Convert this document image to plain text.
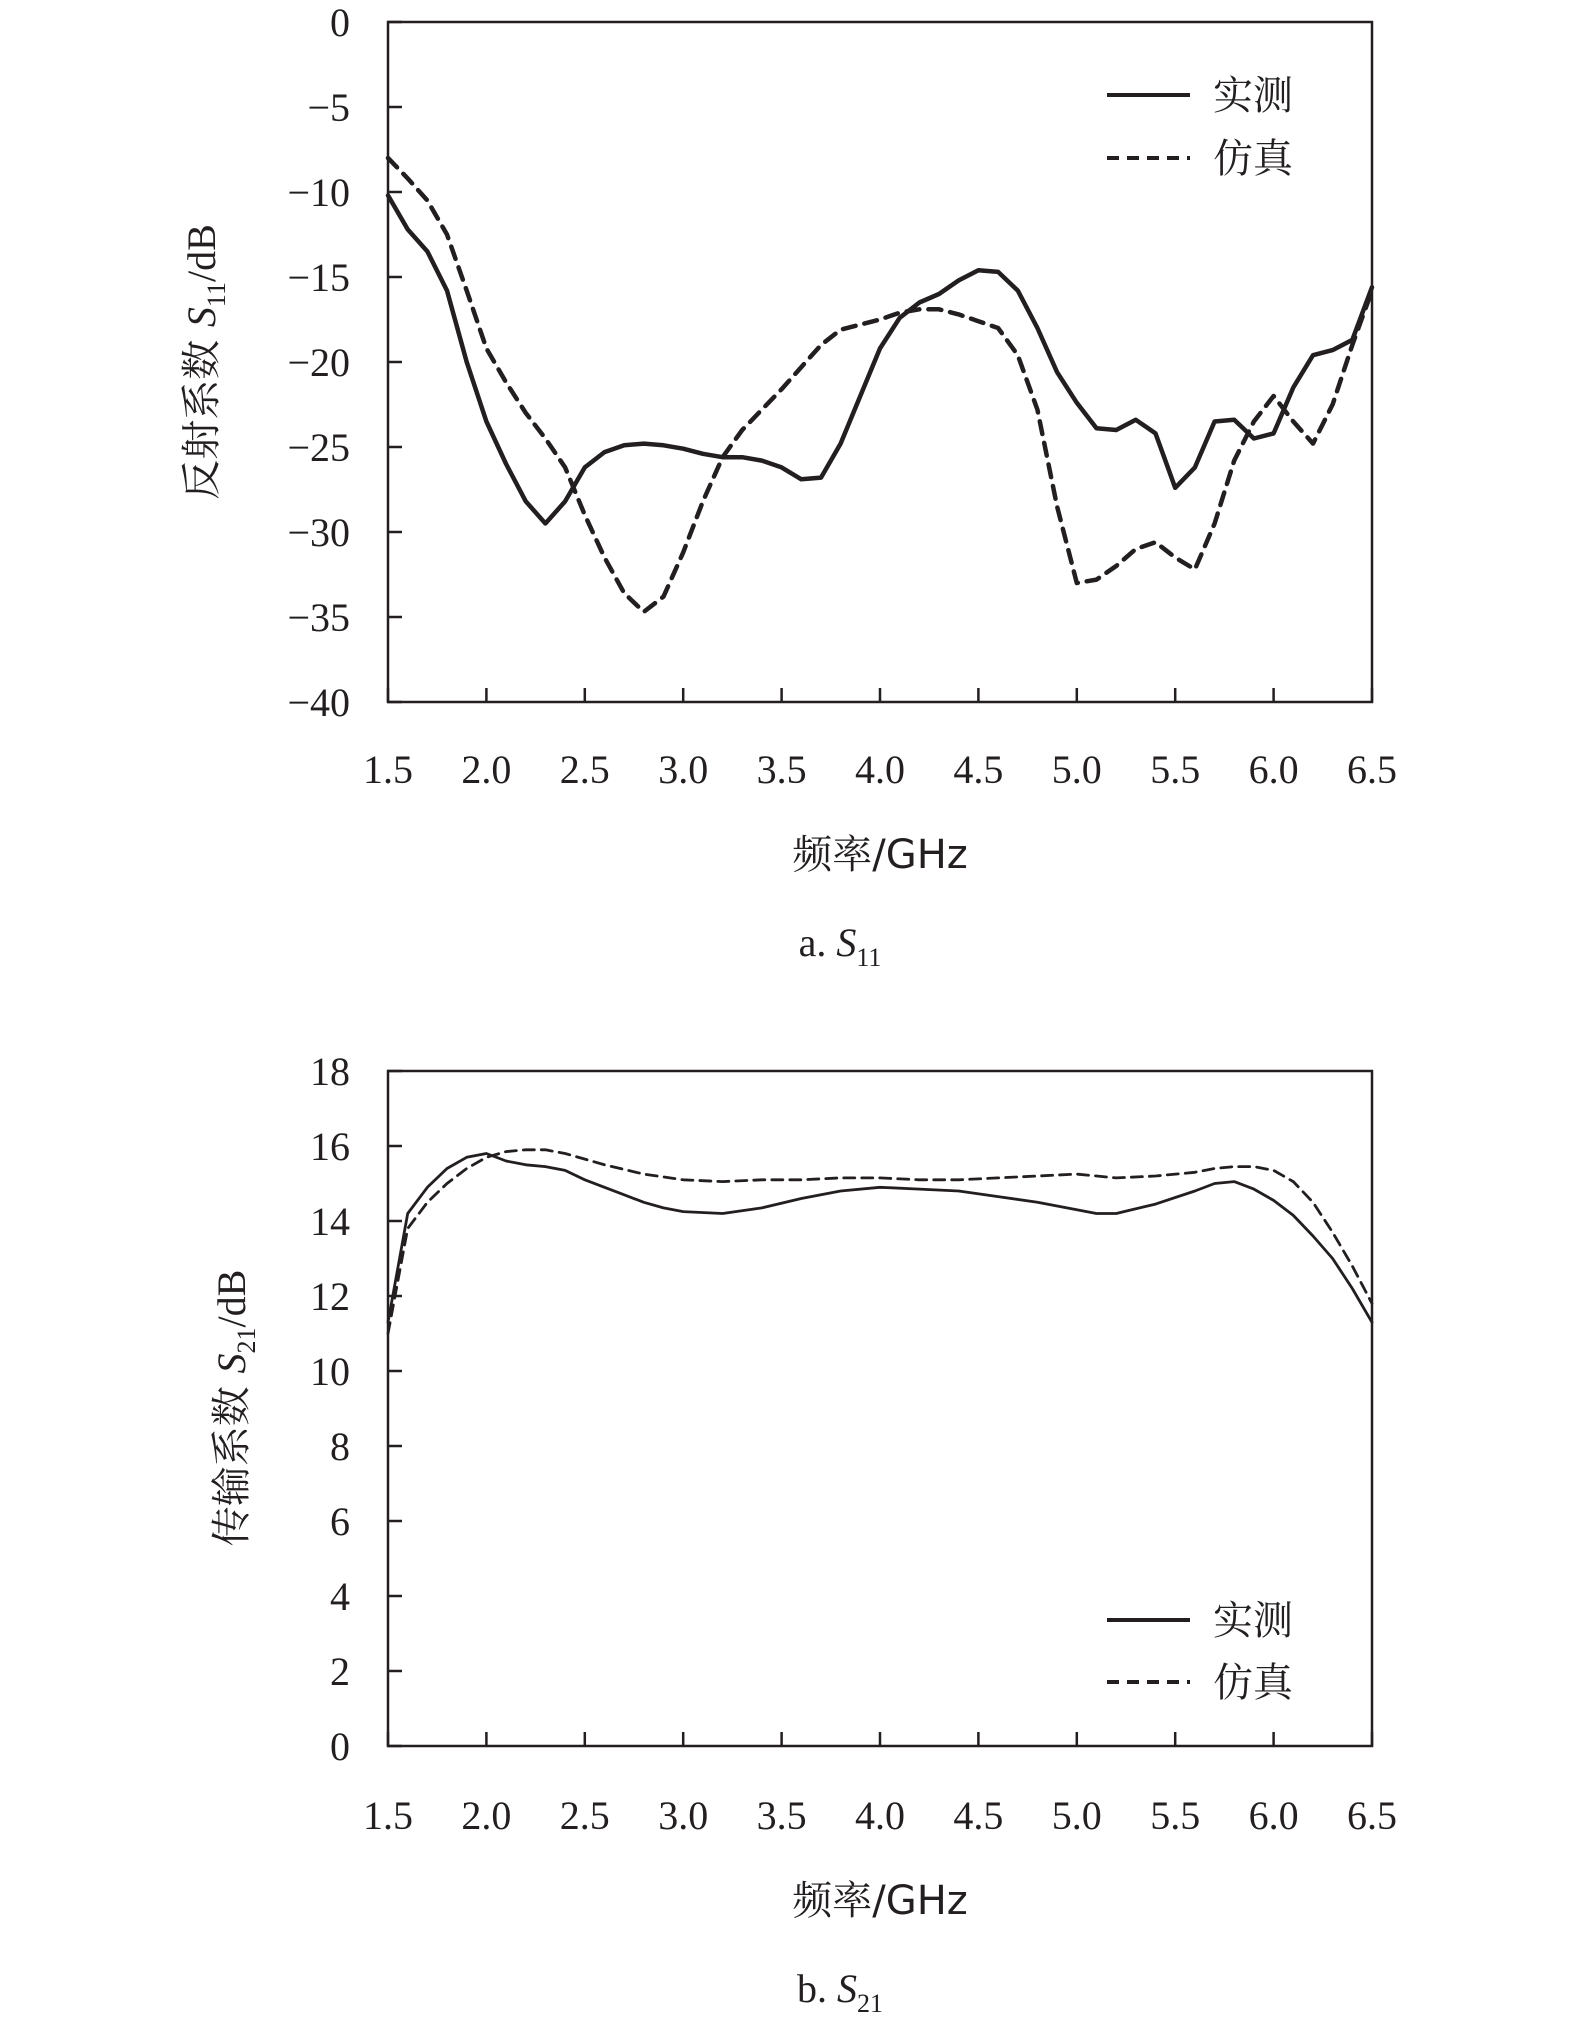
0
−5
−10
−15
−20
−25
−30
−35
−40
1.5 2.0 2.5 3.0 3.5 4.0 4.5 5.0 5.5 6.0 6.5
频率/GHz
反射系数 $S_{11}/dB$
实测
仿真
a. $S_{11}$
18
16
14
12
10
8
6
4
2
0
1.5 2.0 2.5 3.0 3.5 4.0 4.5 5.0 5.5 6.0 6.5
频率/GHz
传输系数 $S_{21}/dB$
实测
仿真
b. $S_{21}$
